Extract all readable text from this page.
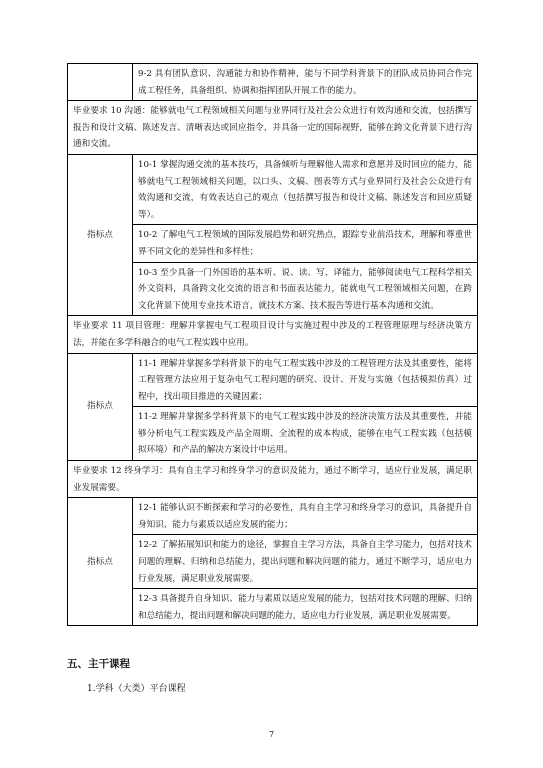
	9-2 具有团队意识、沟通能力和协作精神，能与不同学科背景下的团队成员协同合作完成工程任务，具备组织、协调和指挥团队开展工作的能力。
毕业要求 10 沟通：能够就电气工程领域相关问题与业界同行及社会公众进行有效沟通和交流，包括撰写报告和设计文稿、陈述发言、清晰表达或回应指令，并具备一定的国际视野，能够在跨文化背景下进行沟通和交流。	
指标点	10-1 掌握沟通交流的基本技巧，具备倾听与理解他人需求和意愿并及时回应的能力，能够就电气工程领域相关问题，以口头、文稿、图表等方式与业界同行及社会公众进行有效沟通和交流，有效表达自己的观点（包括撰写报告和设计文稿、陈述发言和回应质疑等）。
	10-2 了解电气工程领域的国际发展趋势和研究热点，跟踪专业前沿技术，理解和尊重世界不同文化的差异性和多样性；
	10-3 至少具备一门外国语的基本听、说、读、写、译能力，能够阅读电气工程科学相关外文资料，具备跨文化交流的语言和书面表达能力，能就电气工程领域相关问题，在跨文化背景下使用专业技术语言，就技术方案、技术报告等进行基本沟通和交流。
毕业要求 11 项目管理：理解并掌握电气工程项目设计与实施过程中涉及的工程管理原理与经济决策方法，并能在多学科融合的电气工程实践中应用。	
指标点	11-1 理解并掌握多学科背景下的电气工程实践中涉及的工程管理方法及其重要性，能将工程管理方法应用于复杂电气工程问题的研究、设计、开发与实施（包括模拟仿真）过程中，找出项目推进的关键因素；
	11-2 理解并掌握多学科背景下的电气工程实践中涉及的经济决策方法及其重要性，并能够分析电气工程实践及产品全周期、全流程的成本构成，能够在电气工程实践（包括模拟环境）和产品的解决方案设计中运用。
毕业要求 12 终身学习：具有自主学习和终身学习的意识及能力，通过不断学习，适应行业发展，满足职业发展需要。	
指标点	12-1 能够认识不断探索和学习的必要性，具有自主学习和终身学习的意识，具备提升自身知识、能力与素质以适应发展的能力；
	12-2 了解拓展知识和能力的途径，掌握自主学习方法，具备自主学习能力，包括对技术问题的理解、归纳和总结能力，提出问题和解决问题的能力，通过不断学习，适应电力行业发展，满足职业发展需要。
	12-3 具备提升自身知识、能力与素质以适应发展的能力，包括对技术问题的理解、归纳和总结能力，提出问题和解决问题的能力，适应电力行业发展，满足职业发展需要。
五、主干课程
1.学科（大类）平台课程
7
